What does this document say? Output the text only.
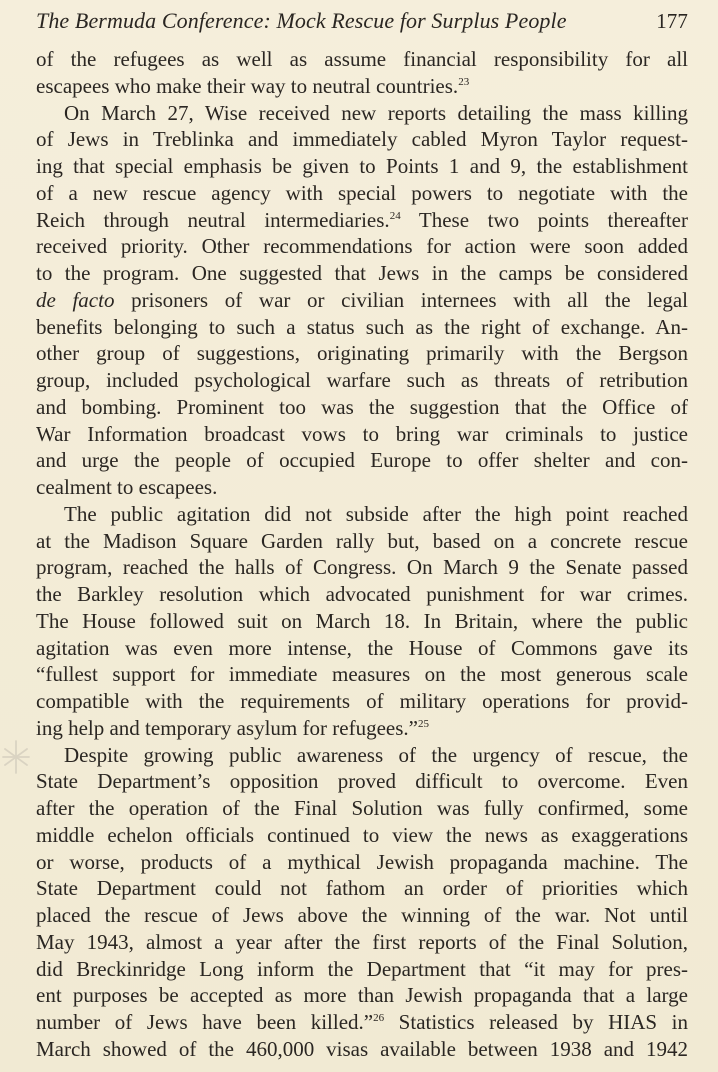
The Bermuda Conference: Mock Rescue for Surplus People	177
of the refugees as well as assume financial responsibility for all
escapees who make their way to neutral countries.$^{23}$
On March 27, Wise received new reports detailing the mass killing
of Jews in Treblinka and immediately cabled Myron Taylor request-
ing that special emphasis be given to Points 1 and 9, the establishment
of a new rescue agency with special powers to negotiate with the
Reich through neutral intermediaries.$^{24}$ These two points thereafter
received priority. Other recommendations for action were soon added
to the program. One suggested that Jews in the camps be considered
de facto prisoners of war or civilian internees with all the legal
benefits belonging to such a status such as the right of exchange. An-
other group of suggestions, originating primarily with the Bergson
group, included psychological warfare such as threats of retribution
and bombing. Prominent too was the suggestion that the Office of
War Information broadcast vows to bring war criminals to justice
and urge the people of occupied Europe to offer shelter and con-
cealment to escapees.
The public agitation did not subside after the high point reached
at the Madison Square Garden rally but, based on a concrete rescue
program, reached the halls of Congress. On March 9 the Senate passed
the Barkley resolution which advocated punishment for war crimes.
The House followed suit on March 18. In Britain, where the public
agitation was even more intense, the House of Commons gave its
“fullest support for immediate measures on the most generous scale
compatible with the requirements of military operations for provid-
ing help and temporary asylum for refugees.”$^{25}$
Despite growing public awareness of the urgency of rescue, the
State Department’s opposition proved difficult to overcome. Even
after the operation of the Final Solution was fully confirmed, some
middle echelon officials continued to view the news as exaggerations
or worse, products of a mythical Jewish propaganda machine. The
State Department could not fathom an order of priorities which
placed the rescue of Jews above the winning of the war. Not until
May 1943, almost a year after the first reports of the Final Solution,
did Breckinridge Long inform the Department that “it may for pres-
ent purposes be accepted as more than Jewish propaganda that a large
number of Jews have been killed.”$^{26}$ Statistics released by HIAS in
March showed of the 460,000 visas available between 1938 and 1942
